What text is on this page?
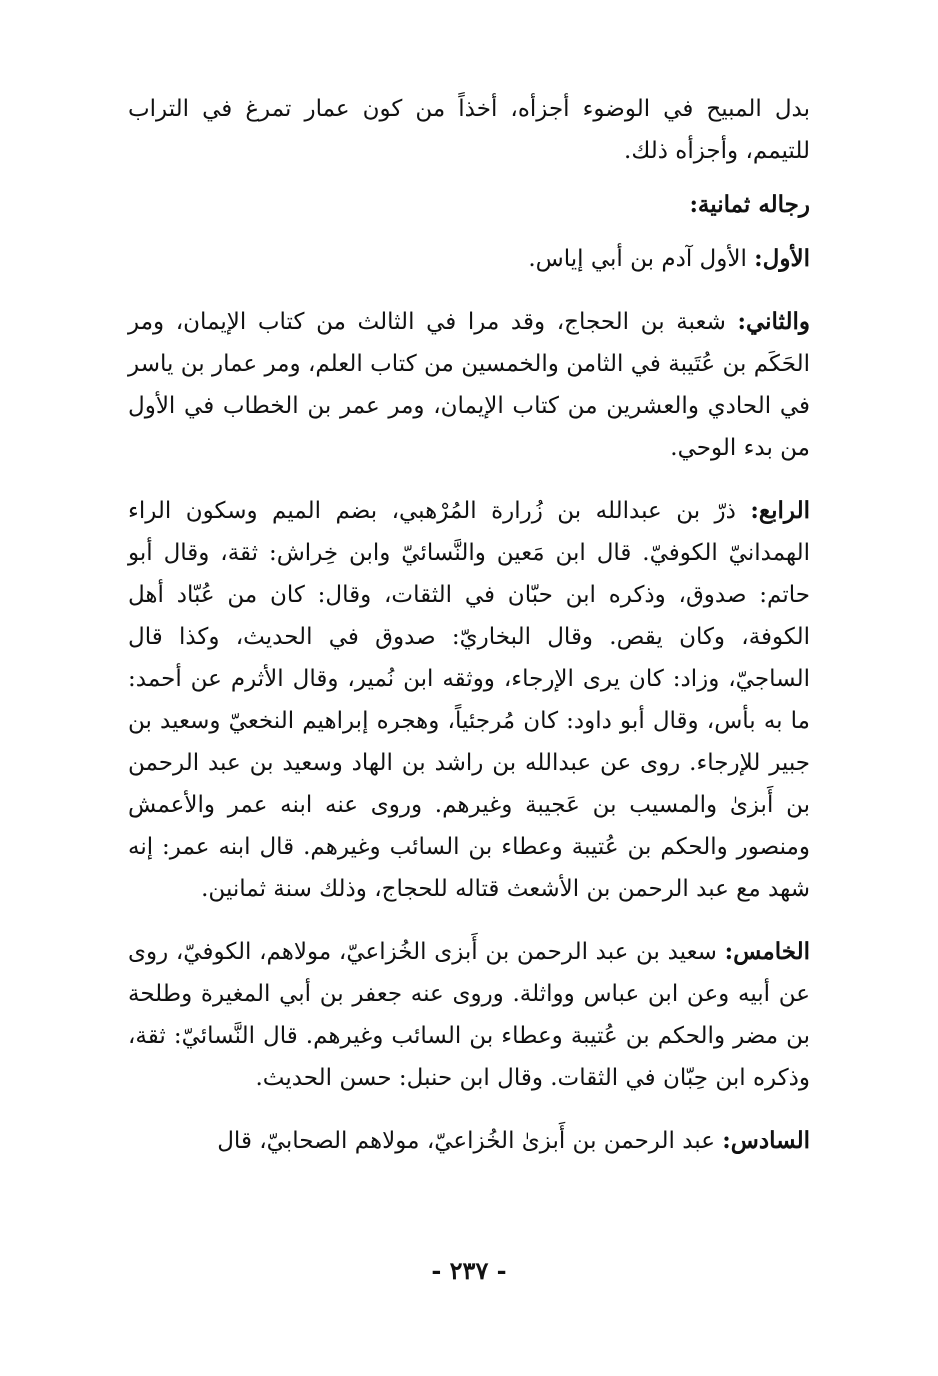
بدل المبيح في الوضوء أجزأه، أخذاً من كون عمار تمرغ في التراب للتيمم، وأجزأه ذلك.

رجاله ثمانية:

الأول: الأول آدم بن أبي إياس.

والثاني: شعبة بن الحجاج، وقد مرا في الثالث من كتاب الإيمان، ومر الحَكَم بن عُتَيبة في الثامن والخمسين من كتاب العلم، ومر عمار بن ياسر في الحادي والعشرين من كتاب الإيمان، ومر عمر بن الخطاب في الأول من بدء الوحي.

الرابع: ذرّ بن عبدالله بن زُرارة المُرْهبي، بضم الميم وسكون الراء الهمدانيّ الكوفيّ. قال ابن مَعين والنَّسائيّ وابن خِراش: ثقة، وقال أبو حاتم: صدوق، وذكره ابن حبّان في الثقات، وقال: كان من عُبّاد أهل الكوفة، وكان يقص. وقال البخاريّ: صدوق في الحديث، وكذا قال الساجيّ، وزاد: كان يرى الإرجاء، ووثقه ابن نُمير، وقال الأثرم عن أحمد: ما به بأس، وقال أبو داود: كان مُرجئياً، وهجره إبراهيم النخعيّ وسعيد بن جبير للإرجاء. روى عن عبدالله بن راشد بن الهاد وسعيد بن عبد الرحمن بن أَبزىٰ والمسيب بن عَجيبة وغيرهم. وروى عنه ابنه عمر والأعمش ومنصور والحكم بن عُتيبة وعطاء بن السائب وغيرهم. قال ابنه عمر: إنه شهد مع عبد الرحمن بن الأشعث قتاله للحجاج، وذلك سنة ثمانين.

الخامس: سعيد بن عبد الرحمن بن أَبزى الخُزاعيّ، مولاهم، الكوفيّ، روى عن أبيه وعن ابن عباس وواثلة. وروى عنه جعفر بن أبي المغيرة وطلحة بن مضر والحكم بن عُتيبة وعطاء بن السائب وغيرهم. قال النَّسائيّ: ثقة، وذكره ابن حِبّان في الثقات. وقال ابن حنبل: حسن الحديث.

السادس: عبد الرحمن بن أَبزىٰ الخُزاعيّ، مولاهم الصحابيّ، قال

- ٢٣٧ -
